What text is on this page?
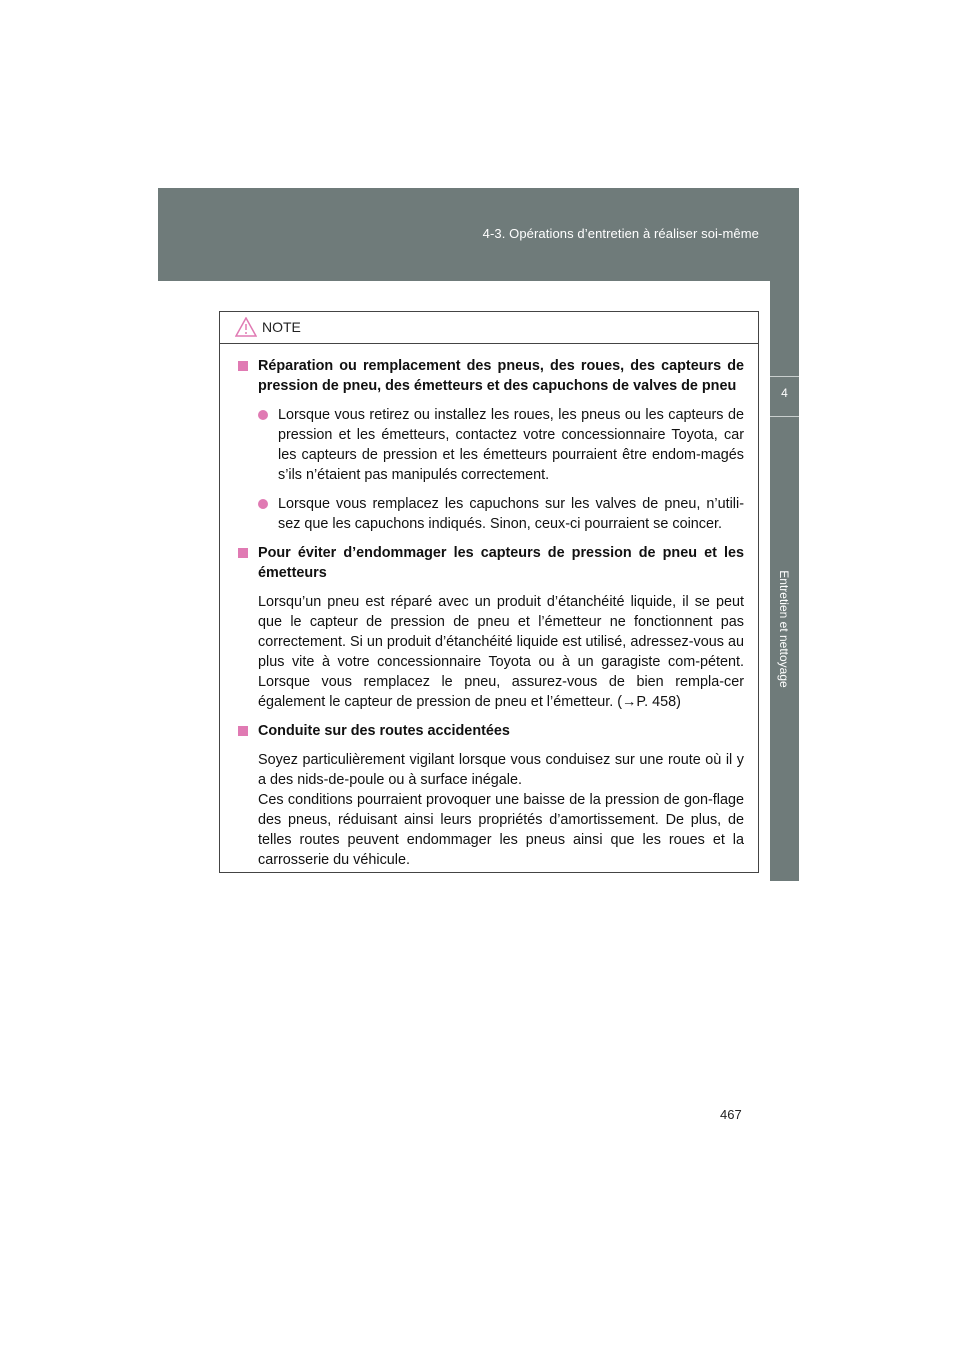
4-3. Opérations d’entretien à réaliser soi-même
4
Entretien et nettoyage
NOTE
Réparation ou remplacement des pneus, des roues, des capteurs de pression de pneu, des émetteurs et des capuchons de valves de pneu
Lorsque vous retirez ou installez les roues, les pneus ou les capteurs de pression et les émetteurs, contactez votre concessionnaire Toyota, car les capteurs de pression et les émetteurs pourraient être endom-magés s’ils n’étaient pas manipulés correctement.
Lorsque vous remplacez les capuchons sur les valves de pneu, n’utili-sez que les capuchons indiqués. Sinon, ceux-ci pourraient se coincer.
Pour éviter d’endommager les capteurs de pression de pneu et les émetteurs
Lorsqu’un pneu est réparé avec un produit d’étanchéité liquide, il se peut que le capteur de pression de pneu et l’émetteur ne fonctionnent pas correctement. Si un produit d’étanchéité liquide est utilisé, adressez-vous au plus vite à votre concessionnaire Toyota ou à un garagiste com-pétent. Lorsque vous remplacez le pneu, assurez-vous de bien rempla-cer également le capteur de pression de pneu et l’émetteur. (→P. 458)
Conduite sur des routes accidentées
Soyez particulièrement vigilant lorsque vous conduisez sur une route où il y a des nids-de-poule ou à surface inégale.
Ces conditions pourraient provoquer une baisse de la pression de gon-flage des pneus, réduisant ainsi leurs propriétés d’amortissement. De plus, de telles routes peuvent endommager les pneus ainsi que les roues et la carrosserie du véhicule.
467
